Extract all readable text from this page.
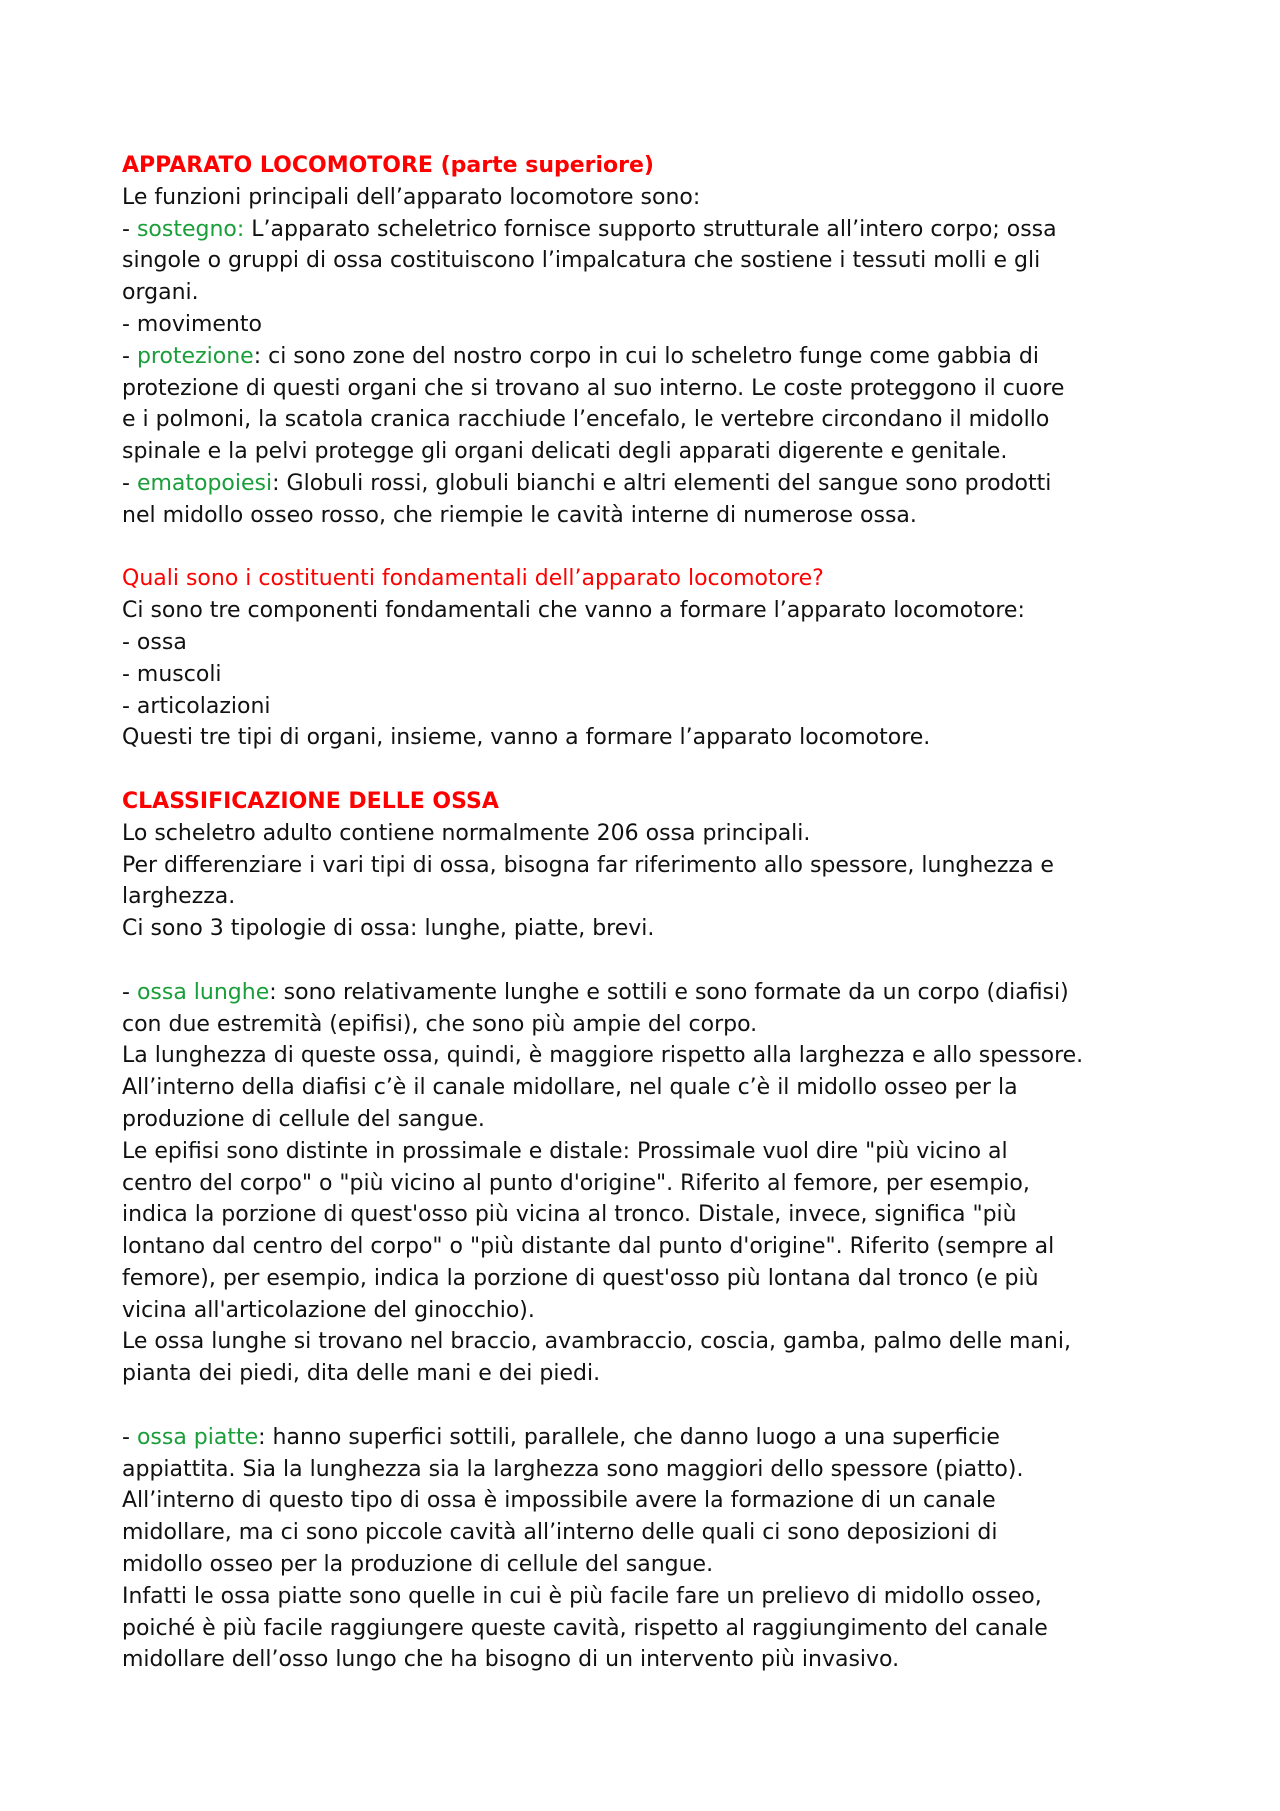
APPARATO LOCOMOTORE (parte superiore)
Le funzioni principali dell’apparato locomotore sono:
- sostegno: L’apparato scheletrico fornisce supporto strutturale all’intero corpo; ossa
singole o gruppi di ossa costituiscono l’impalcatura che sostiene i tessuti molli e gli
organi.
- movimento
- protezione: ci sono zone del nostro corpo in cui lo scheletro funge come gabbia di
protezione di questi organi che si trovano al suo interno. Le coste proteggono il cuore
e i polmoni, la scatola cranica racchiude l’encefalo, le vertebre circondano il midollo
spinale e la pelvi protegge gli organi delicati degli apparati digerente e genitale.
- ematopoiesi: Globuli rossi, globuli bianchi e altri elementi del sangue sono prodotti
nel midollo osseo rosso, che riempie le cavità interne di numerose ossa.
Quali sono i costituenti fondamentali dell’apparato locomotore?
Ci sono tre componenti fondamentali che vanno a formare l’apparato locomotore:
- ossa
- muscoli
- articolazioni
Questi tre tipi di organi, insieme, vanno a formare l’apparato locomotore.
CLASSIFICAZIONE DELLE OSSA
Lo scheletro adulto contiene normalmente 206 ossa principali.
Per differenziare i vari tipi di ossa, bisogna far riferimento allo spessore, lunghezza e
larghezza.
Ci sono 3 tipologie di ossa: lunghe, piatte, brevi.
- ossa lunghe: sono relativamente lunghe e sottili e sono formate da un corpo (diafisi)
con due estremità (epifisi), che sono più ampie del corpo.
La lunghezza di queste ossa, quindi, è maggiore rispetto alla larghezza e allo spessore.
All’interno della diafisi c’è il canale midollare, nel quale c’è il midollo osseo per la
produzione di cellule del sangue.
Le epifisi sono distinte in prossimale e distale: Prossimale vuol dire "più vicino al
centro del corpo" o "più vicino al punto d'origine". Riferito al femore, per esempio,
indica la porzione di quest'osso più vicina al tronco. Distale, invece, significa "più
lontano dal centro del corpo" o "più distante dal punto d'origine". Riferito (sempre al
femore), per esempio, indica la porzione di quest'osso più lontana dal tronco (e più
vicina all'articolazione del ginocchio).
Le ossa lunghe si trovano nel braccio, avambraccio, coscia, gamba, palmo delle mani,
pianta dei piedi, dita delle mani e dei piedi.
- ossa piatte: hanno superfici sottili, parallele, che danno luogo a una superficie
appiattita. Sia la lunghezza sia la larghezza sono maggiori dello spessore (piatto).
All’interno di questo tipo di ossa è impossibile avere la formazione di un canale
midollare, ma ci sono piccole cavità all’interno delle quali ci sono deposizioni di
midollo osseo per la produzione di cellule del sangue.
Infatti le ossa piatte sono quelle in cui è più facile fare un prelievo di midollo osseo,
poiché è più facile raggiungere queste cavità, rispetto al raggiungimento del canale
midollare dell’osso lungo che ha bisogno di un intervento più invasivo.
